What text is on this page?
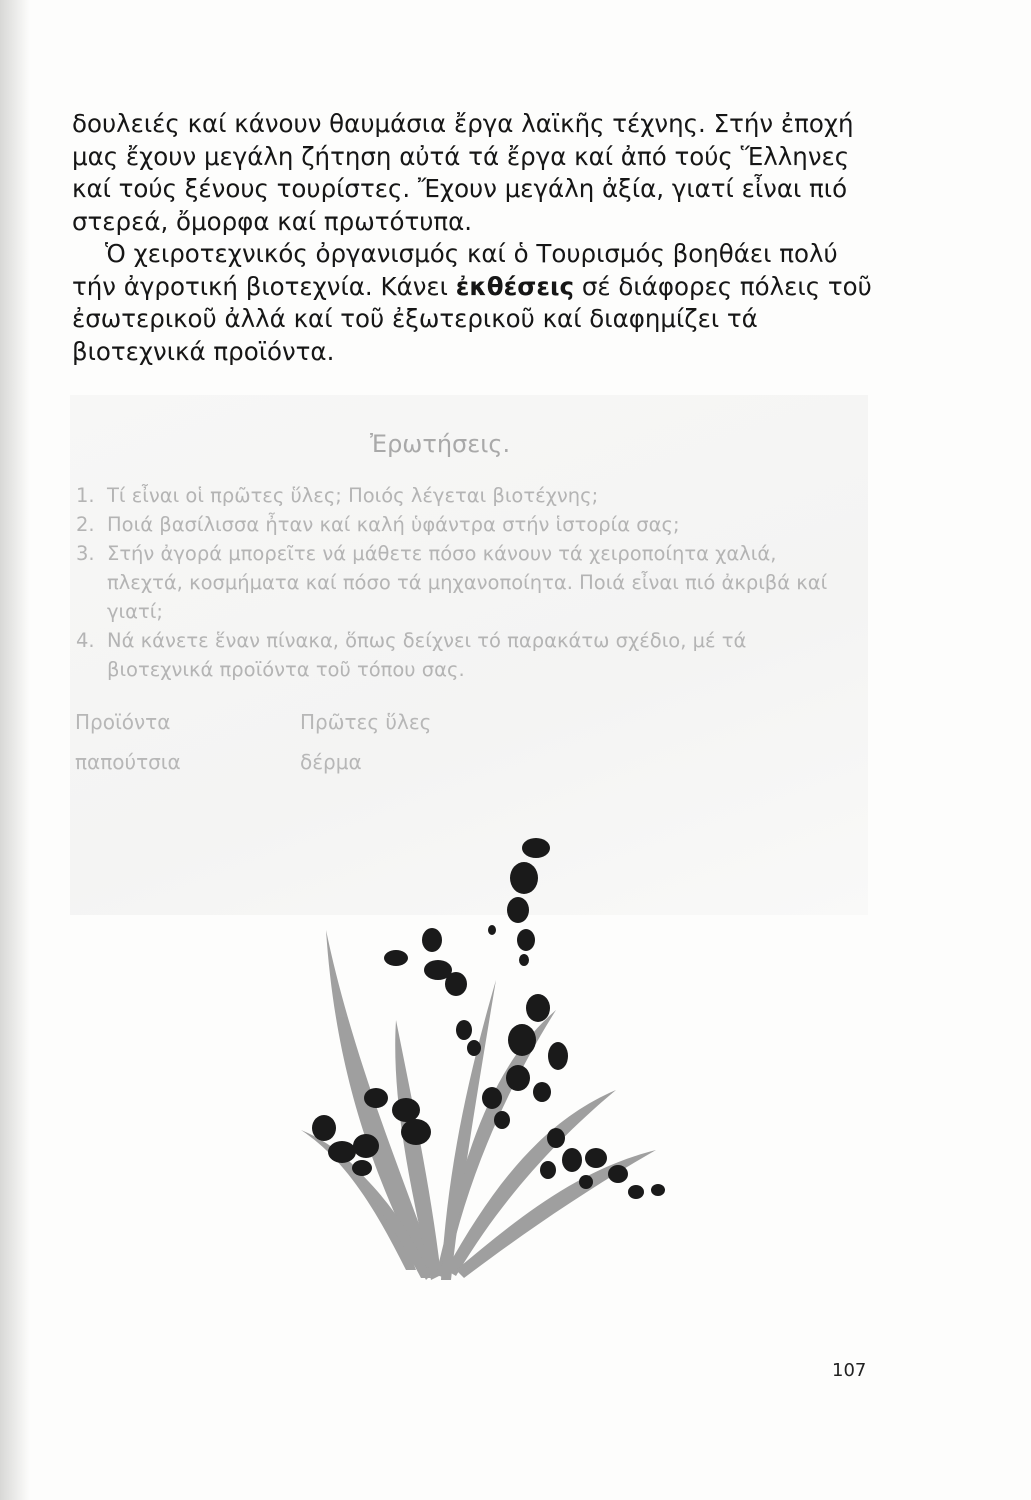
δουλειές καί κάνουν θαυμάσια ἔργα λαϊκῆς τέχνης. Στήν ἐποχή μας ἔχουν μεγάλη ζήτηση αὐτά τά ἔργα καί ἀπό τούς Ἕλληνες καί τούς ξένους τουρίστες. Ἔχουν μεγάλη ἀξία, γιατί εἶναι πιό στερεά, ὄμορφα καί πρωτότυπα.

Ὁ χειροτεχνικός ὀργανισμός καί ὁ Τουρισμός βοηθάει πολύ τήν ἀγροτική βιοτεχνία. Κάνει ἐκθέσεις σέ διάφορες πόλεις τοῦ ἐσωτερικοῦ ἀλλά καί τοῦ ἐξωτερικοῦ καί διαφημίζει τά βιοτεχνικά προϊόντα.

Ἐρωτήσεις.
1. Τί εἶναι οἱ πρῶτες ὕλες; Ποιός λέγεται βιοτέχνης;
2. Ποιά βασίλισσα ἦταν καί καλή ὑφάντρα στήν ἱστορία σας;
3. Στήν ἀγορά μπορεῖτε νά μάθετε πόσο κάνουν τά χειροποίητα χαλιά, πλεχτά, κοσμήματα καί πόσο τά μηχανοποίητα. Ποιά εἶναι πιό ἀκριβά καί γιατί;
4. Νά κάνετε ἕναν πίνακα, ὅπως δείχνει τό παρακάτω σχέδιο, μέ τά βιοτεχνικά προϊόντα τοῦ τόπου σας.
Προϊόντα	Πρῶτες ὕλες
παπούτσια	δέρμα
107
